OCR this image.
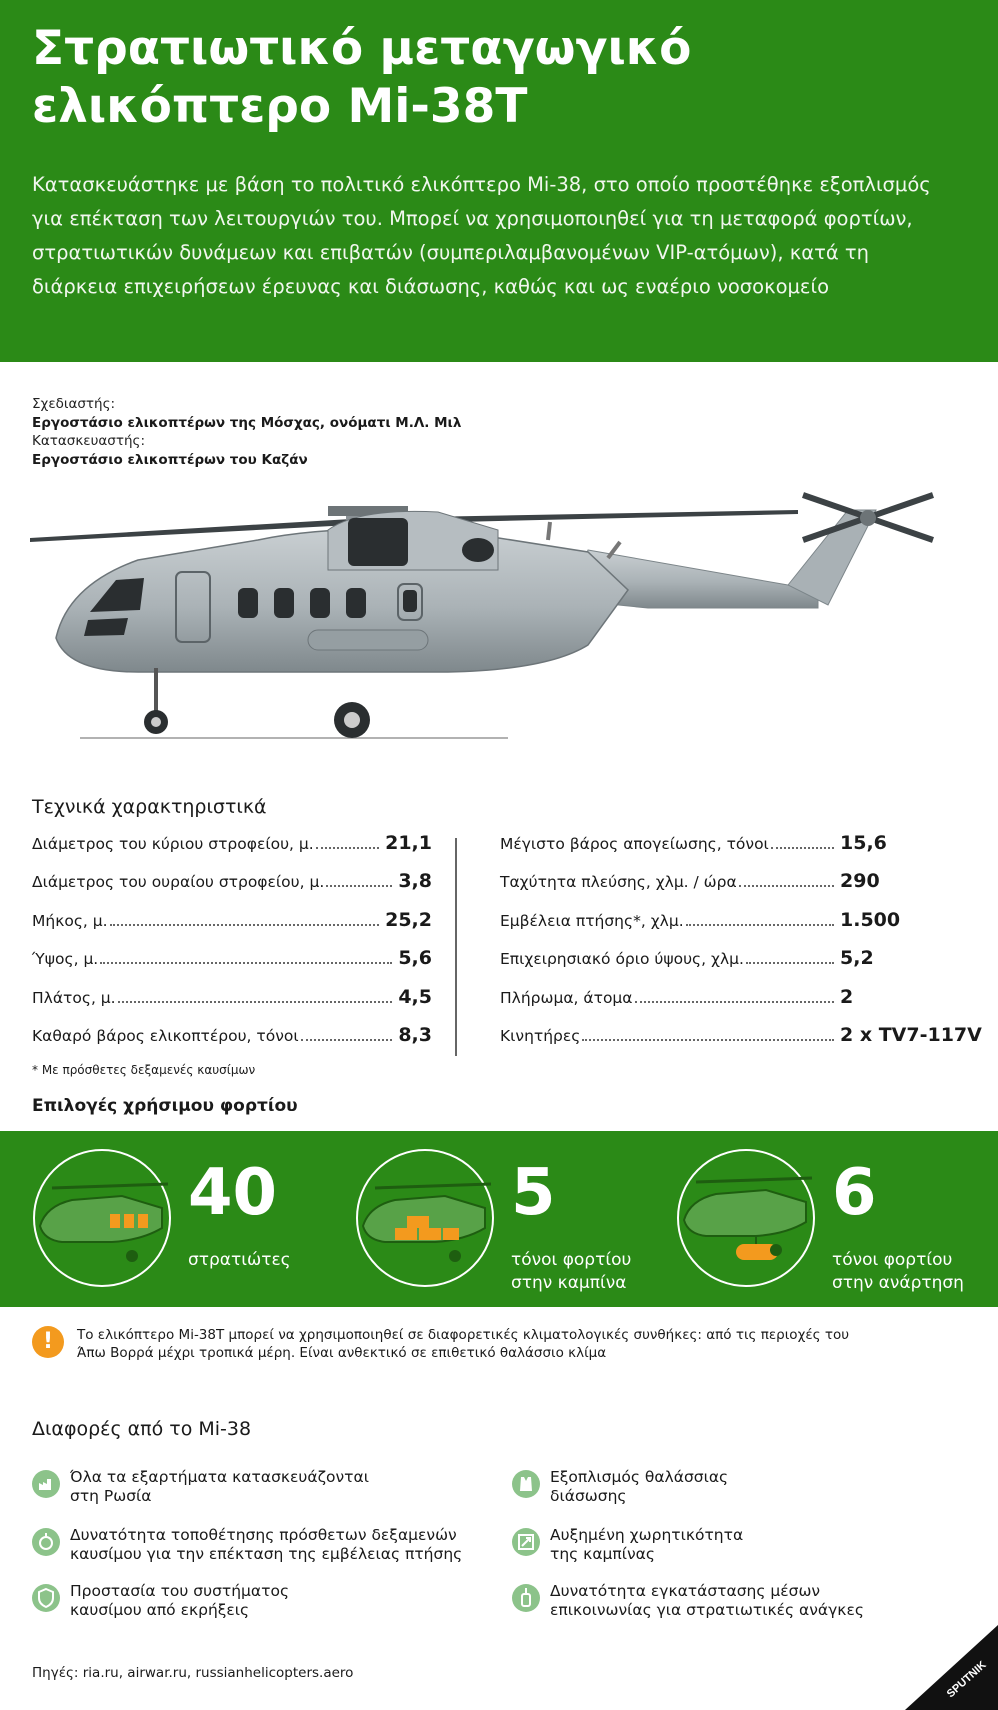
Στρατιωτικό μεταγωγικό ελικόπτερο Mi-38T
Κατασκευάστηκε με βάση το πολιτικό ελικόπτερο Mi-38, στο οποίο προστέθηκε εξοπλισμός για επέκταση των λειτουργιών του. Μπορεί να χρησιμοποιηθεί για τη μεταφορά φορτίων, στρατιωτικών δυνάμεων και επιβατών (συμπεριλαμβανομένων VIP-ατόμων), κατά τη διάρκεια επιχειρήσεων έρευνας και διάσωσης, καθώς και ως εναέριο νοσοκομείο
Σχεδιαστής:
Εργοστάσιο ελικοπτέρων της Μόσχας, ονόματι Μ.Λ. Μιλ
Κατασκευαστής:
Εργοστάσιο ελικοπτέρων του Καζάν
Τεχνικά χαρακτηριστικά
Διάμετρος του κύριου στροφείου, μ.	21,1
Διάμετρος του ουραίου στροφείου, μ.	3,8
Μήκος, μ.	25,2
Ύψος, μ.	5,6
Πλάτος, μ.	4,5
Καθαρό βάρος ελικοπτέρου, τόνοι	8,3
Μέγιστο βάρος απογείωσης, τόνοι	15,6
Ταχύτητα πλεύσης, χλμ. / ώρα	290
Εμβέλεια πτήσης*, χλμ.	1.500
Επιχειρησιακό όριο ύψους, χλμ.	5,2
Πλήρωμα, άτομα	2
Κινητήρες	2 x TV7-117V
* Με πρόσθετες δεξαμενές καυσίμων
Επιλογές χρήσιμου φορτίου
40
στρατιώτες
5
τόνοι φορτίου
στην καμπίνα
6
τόνοι φορτίου
στην ανάρτηση
!	Το ελικόπτερο Mi-38T μπορεί να χρησιμοποιηθεί σε διαφορετικές κλιματολογικές συνθήκες: από τις περιοχές του Άπω Βορρά μέχρι τροπικά μέρη. Είναι ανθεκτικό σε επιθετικό θαλάσσιο κλίμα
Διαφορές από το Mi-38
Όλα τα εξαρτήματα κατασκευάζονται
στη Ρωσία
Εξοπλισμός θαλάσσιας
διάσωσης
Δυνατότητα τοποθέτησης πρόσθετων δεξαμενών
καυσίμου για την επέκταση της εμβέλειας πτήσης
Αυξημένη χωρητικότητα
της καμπίνας
Προστασία του συστήματος
καυσίμου από εκρήξεις
Δυνατότητα εγκατάστασης μέσων
επικοινωνίας για στρατιωτικές ανάγκες
Πηγές: ria.ru, airwar.ru, russianhelicopters.aero	SPUTNIK
